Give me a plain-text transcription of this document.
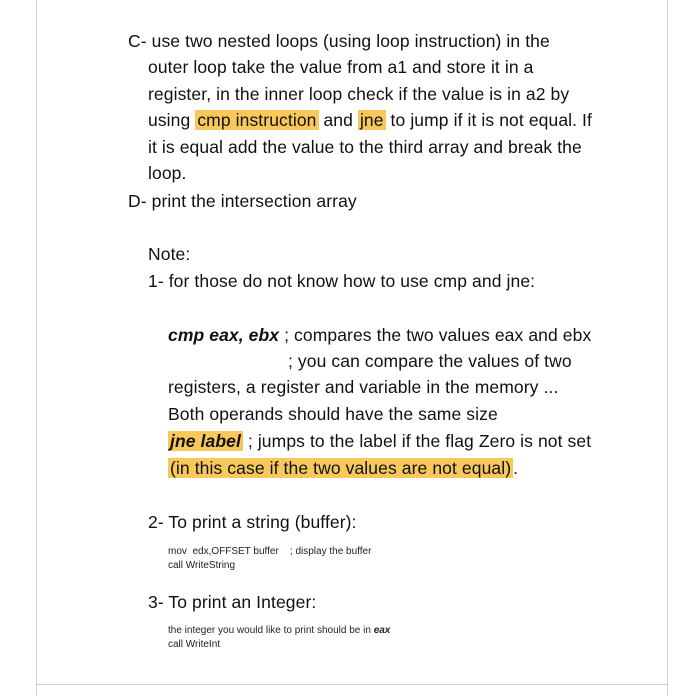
C- use two nested loops (using loop instruction) in the
outer loop take the value from a1 and store it in a
register, in the inner loop check if the value is in a2 by
using cmp instruction and jne to jump if it is not equal. If
it is equal add the value to the third array and break the
loop.
D- print the intersection array
Note:
1- for those do not know how to use cmp and jne:
cmp eax, ebx ; compares the two values eax and ebx
; you can compare the values of two
registers, a register and variable in the memory ...
Both operands should have the same size
jne label ; jumps to the label if the flag Zero is not set
(in this case if the two values are not equal) .
2- To print a string (buffer):
mov  edx,OFFSET buffer    ; display the buffer
call WriteString
3- To print an Integer:
the integer you would like to print should be in eax
call WriteInt
